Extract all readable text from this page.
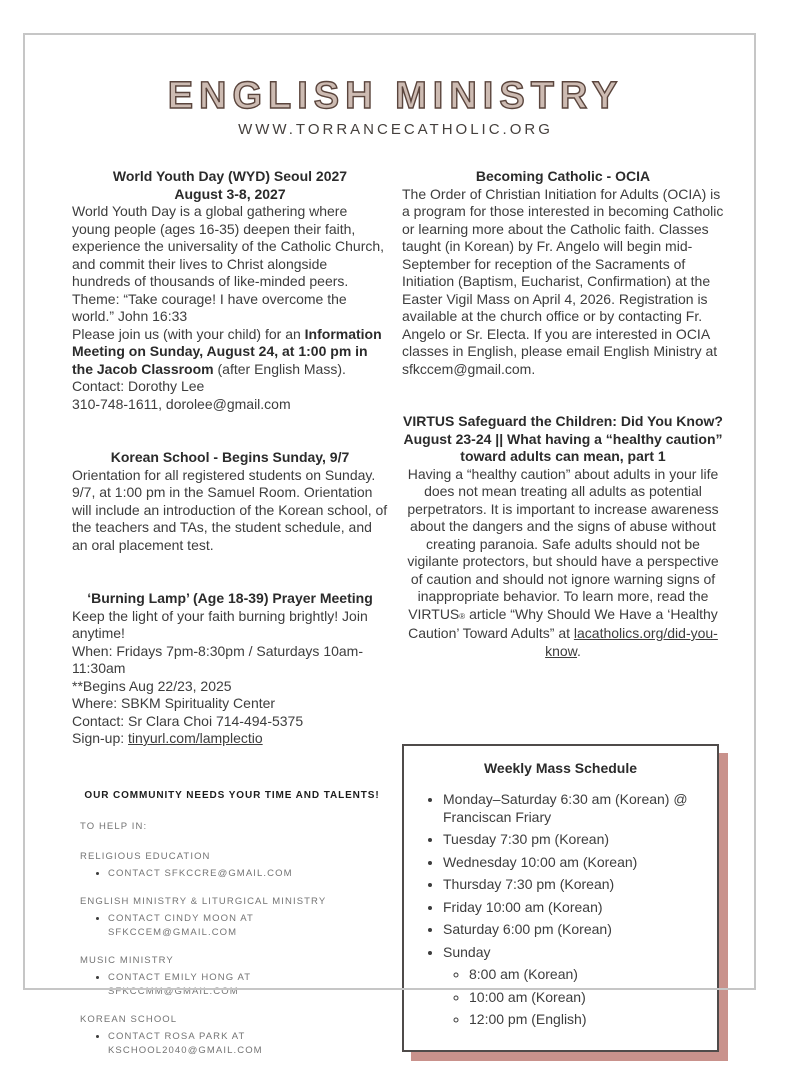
ENGLISH MINISTRY
WWW.TORRANCECATHOLIC.ORG
World Youth Day (WYD) Seoul 2027
August 3-8, 2027

World Youth Day is a global gathering where young people (ages 16-35) deepen their faith, experience the universality of the Catholic Church, and commit their lives to Christ alongside hundreds of thousands of like-minded peers. Theme: “Take courage! I have overcome the world.” John 16:33

Please join us (with your child) for an Information Meeting on Sunday, August 24, at 1:00 pm in the Jacob Classroom (after English Mass).

Contact: Dorothy Lee

310-748-1611, dorolee@gmail.com

Korean School - Begins Sunday, 9/7

Orientation for all registered students on Sunday. 9/7, at 1:00 pm in the Samuel Room. Orientation will include an introduction of the Korean school, of the teachers and TAs, the student schedule, and an oral placement test.

‘Burning Lamp’ (Age 18-39) Prayer Meeting
Keep the light of your faith burning brightly! Join anytime!
When: Fridays 7pm-8:30pm / Saturdays 10am-11:30am
**Begins Aug 22/23, 2025
Where: SBKM Spirituality Center
Contact: Sr Clara Choi 714-494-5375
Sign-up: tinyurl.com/lamplectio
OUR COMMUNITY NEEDS YOUR TIME AND TALENTS!
TO HELP IN:
RELIGIOUS EDUCATION
• CONTACT SFKCCRE@GMAIL.COM
ENGLISH MINISTRY & LITURGICAL MINISTRY
• CONTACT CINDY MOON AT SFKCCEM@GMAIL.COM
MUSIC MINISTRY
• CONTACT EMILY HONG AT SFKCCMM@GMAIL.COM
KOREAN SCHOOL
• CONTACT ROSA PARK AT KSCHOOL2040@GMAIL.COM
Becoming Catholic - OCIA

The Order of Christian Initiation for Adults (OCIA) is a program for those interested in becoming Catholic or learning more about the Catholic faith. Classes taught (in Korean) by Fr. Angelo will begin mid-September for reception of the Sacraments of Initiation (Baptism, Eucharist, Confirmation) at the Easter Vigil Mass on April 4, 2026. Registration is available at the church office or by contacting Fr. Angelo or Sr. Electa. If you are interested in OCIA classes in English, please email English Ministry at sfkccem@gmail.com.

VIRTUS Safeguard the Children: Did You Know?
August 23-24 || What having a “healthy caution”
toward adults can mean, part 1

Having a “healthy caution” about adults in your life does not mean treating all adults as potential perpetrators. It is important to increase awareness about the dangers and the signs of abuse without creating paranoia. Safe adults should not be vigilante protectors, but should have a perspective of caution and should not ignore warning signs of inappropriate behavior. To learn more, read the VIRTUS® article “Why Should We Have a ‘Healthy Caution’ Toward Adults” at lacatholics.org/did-you-know.

Weekly Mass Schedule
• Monday–Saturday 6:30 am (Korean) @ Franciscan Friary
• Tuesday 7:30 pm (Korean)
• Wednesday 10:00 am (Korean)
• Thursday 7:30 pm (Korean)
• Friday 10:00 am (Korean)
• Saturday 6:00 pm (Korean)
• Sunday
◦ 8:00 am (Korean)
◦ 10:00 am (Korean)
◦ 12:00 pm (English)
